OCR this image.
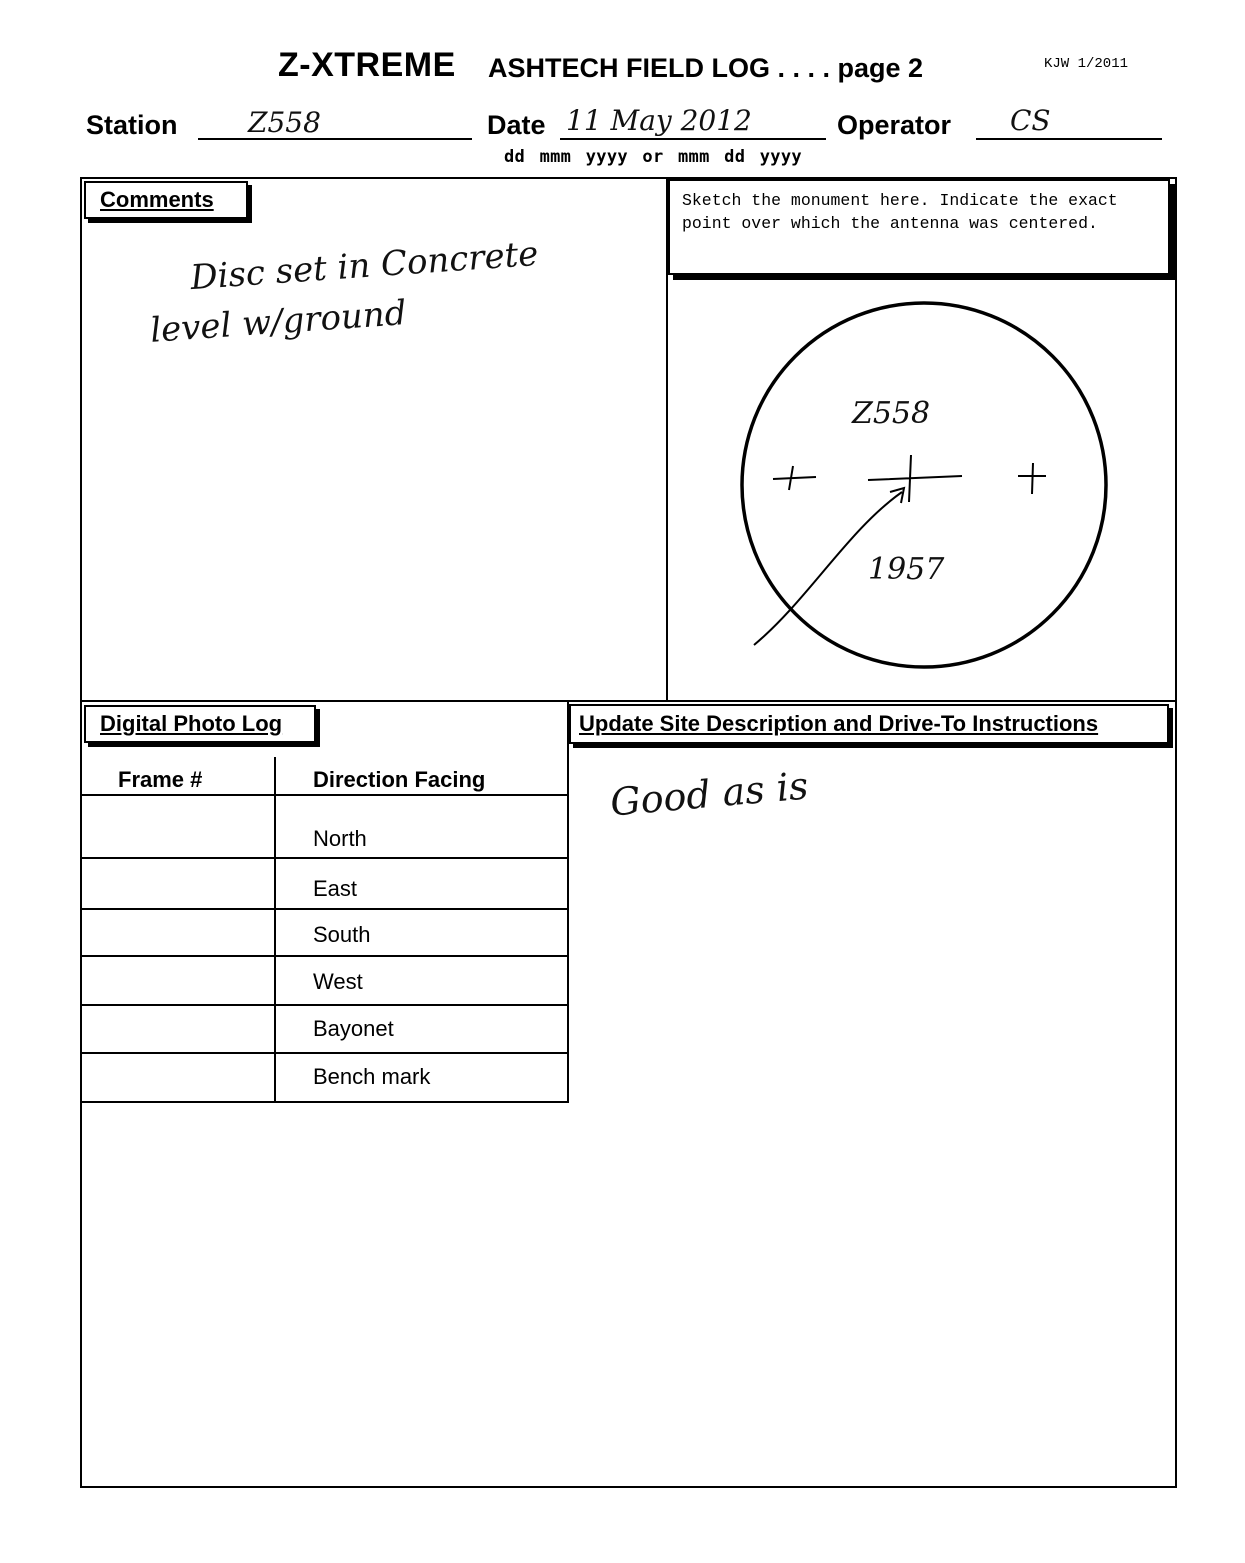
Z-XTREME ASHTECH FIELD LOG . . . . page 2	KJW 1/2011
Station	Z558	Date 11 May 2012	Operator CS
dd mmm yyyy or mmm dd yyyy
Comments
Disc set in Concrete
level w/ground
Sketch the monument here. Indicate the exact point over which the antenna was centered.
Z558
1957
Digital Photo Log
Frame #	Direction Facing
North
East
South
West
Bayonet
Bench mark
Update Site Description and Drive-To Instructions
Good as is
